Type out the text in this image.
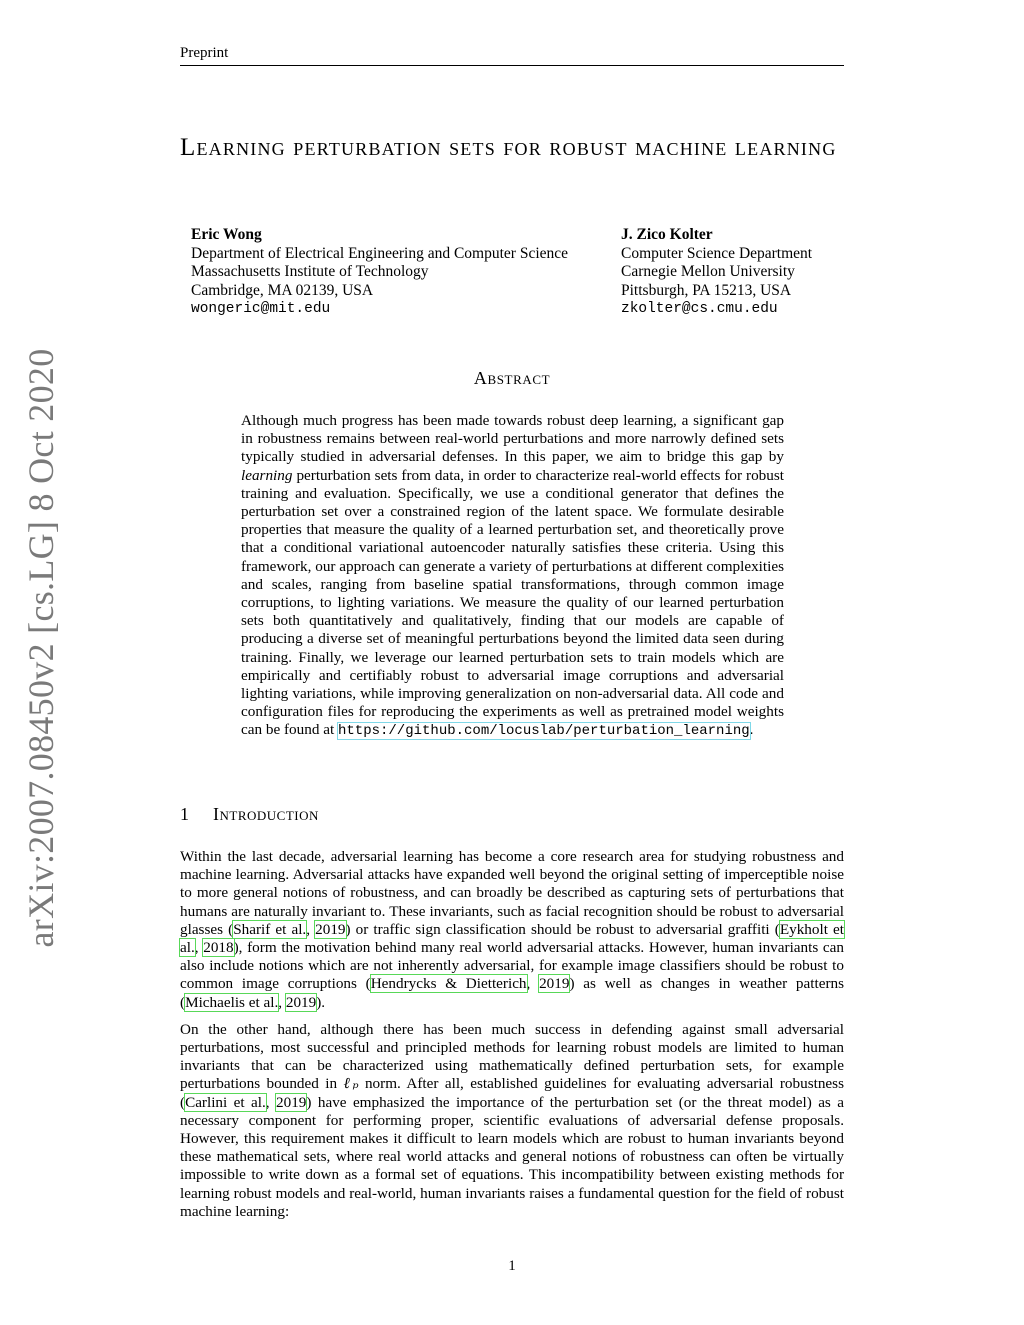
Preprint
Learning perturbation sets for robust machine learning
Eric Wong
Department of Electrical Engineering and Computer Science
Massachusetts Institute of Technology
Cambridge, MA 02139, USA
wongeric@mit.edu
J. Zico Kolter
Computer Science Department
Carnegie Mellon University
Pittsburgh, PA 15213, USA
zkolter@cs.cmu.edu
Abstract

Although much progress has been made towards robust deep learning, a significant gap in robustness remains between real-world perturbations and more narrowly defined sets typically studied in adversarial defenses. In this paper, we aim to bridge this gap by learning perturbation sets from data, in order to characterize real-world effects for robust training and evaluation. Specifically, we use a conditional generator that defines the perturbation set over a constrained region of the latent space. We formulate desirable properties that measure the quality of a learned perturbation set, and theoretically prove that a conditional variational autoencoder naturally satisfies these criteria. Using this framework, our approach can generate a variety of perturbations at different complexities and scales, ranging from baseline spatial transformations, through common image corruptions, to lighting variations. We measure the quality of our learned perturbation sets both quantitatively and qualitatively, finding that our models are capable of producing a diverse set of meaningful perturbations beyond the limited data seen during training. Finally, we leverage our learned perturbation sets to train models which are empirically and certifiably robust to adversarial image corruptions and adversarial lighting variations, while improving generalization on non-adversarial data. All code and configuration files for reproducing the experiments as well as pretrained model weights can be found at https://github.com/locuslab/perturbation_learning.

1 Introduction

Within the last decade, adversarial learning has become a core research area for studying robustness and machine learning. Adversarial attacks have expanded well beyond the original setting of imperceptible noise to more general notions of robustness, and can broadly be described as capturing sets of perturbations that humans are naturally invariant to. These invariants, such as facial recognition should be robust to adversarial glasses (Sharif et al., 2019) or traffic sign classification should be robust to adversarial graffiti (Eykholt et al., 2018), form the motivation behind many real world adversarial attacks. However, human invariants can also include notions which are not inherently adversarial, for example image classifiers should be robust to common image corruptions (Hendrycks & Dietterich, 2019) as well as changes in weather patterns (Michaelis et al., 2019).

On the other hand, although there has been much success in defending against small adversarial perturbations, most successful and principled methods for learning robust models are limited to human invariants that can be characterized using mathematically defined perturbation sets, for example perturbations bounded in ℓₚ norm. After all, established guidelines for evaluating adversarial robustness (Carlini et al., 2019) have emphasized the importance of the perturbation set (or the threat model) as a necessary component for performing proper, scientific evaluations of adversarial defense proposals. However, this requirement makes it difficult to learn models which are robust to human invariants beyond these mathematical sets, where real world attacks and general notions of robustness can often be virtually impossible to write down as a formal set of equations. This incompatibility between existing methods for learning robust models and real-world, human invariants raises a fundamental question for the field of robust machine learning:

arXiv:2007.08450v2 [cs.LG] 8 Oct 2020
1
